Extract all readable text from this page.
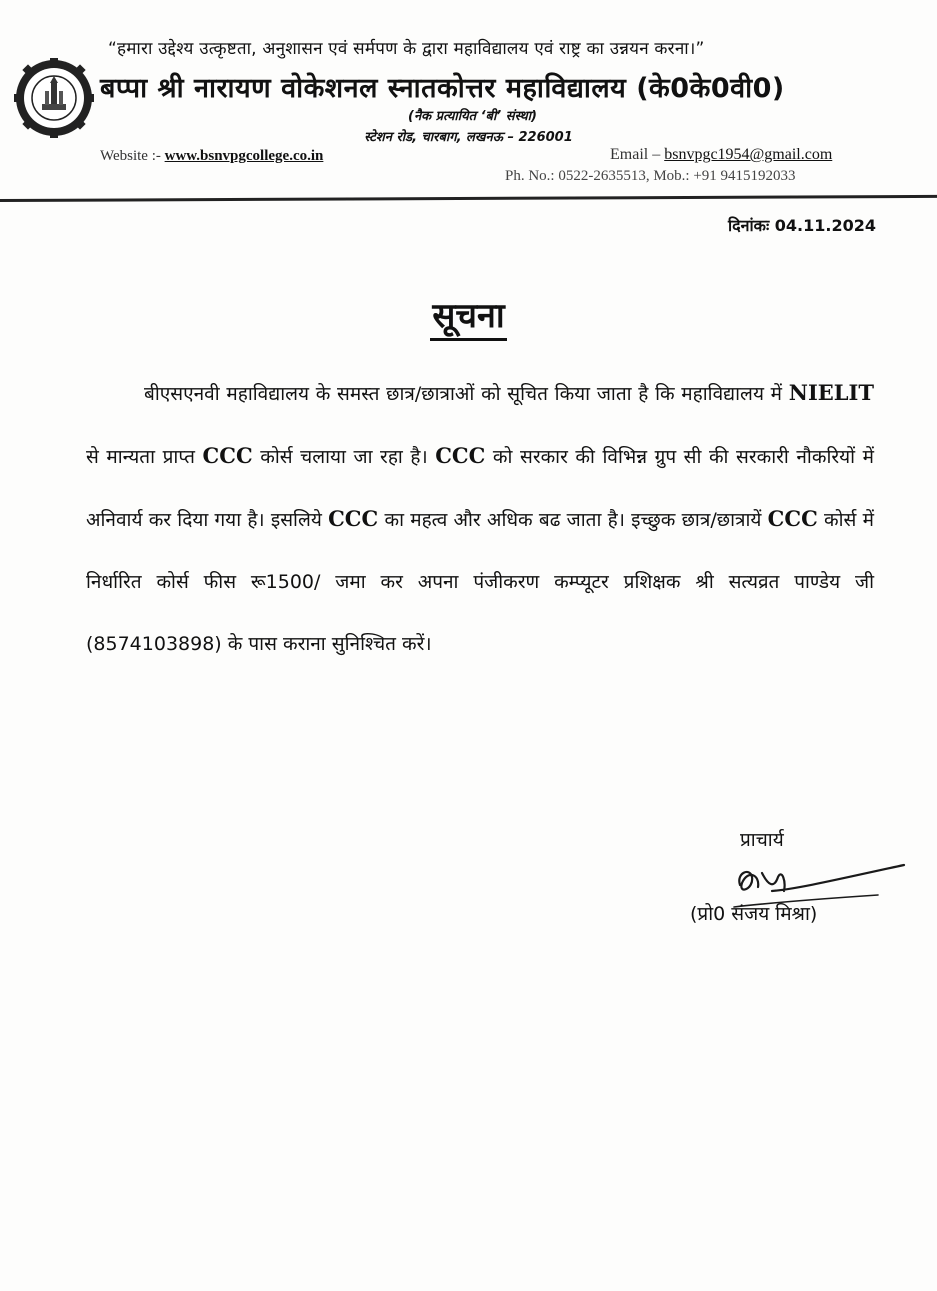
“हमारा उद्देश्य उत्कृष्टता, अनुशासन एवं सर्मपण के द्वारा महाविद्यालय एवं राष्ट्र का उन्नयन करना।”
बप्पा श्री नारायण वोकेशनल स्नातकोत्तर महाविद्यालय (के0के0वी0)
(नैक प्रत्यायित ‘बी’ संस्था)
स्टेशन रोड, चारबाग, लखनऊ – 226001
Website :- www.bsnvpgcollege.co.in	Email – bsnvpgc1954@gmail.com
Ph. No.: 0522-2635513, Mob.: +91 9415192033
दिनांकः 04.11.2024
सूचना
बीएसएनवी महाविद्यालय के समस्त छात्र/छात्राओं को सूचित किया जाता है कि महाविद्यालय में NIELIT से मान्यता प्राप्त CCC कोर्स चलाया जा रहा है। CCC को सरकार की विभिन्न ग्रुप सी की सरकारी नौकरियों में अनिवार्य कर दिया गया है। इसलिये CCC का महत्व और अधिक बढ जाता है। इच्छुक छात्र/छात्रायें CCC कोर्स में निर्धारित कोर्स फीस रू1500/ जमा कर अपना पंजीकरण कम्प्यूटर प्रशिक्षक श्री सत्यव्रत पाण्डेय जी (8574103898) के पास कराना सुनिश्चित करें।
प्राचार्य
(प्रो0 संजय मिश्रा)
